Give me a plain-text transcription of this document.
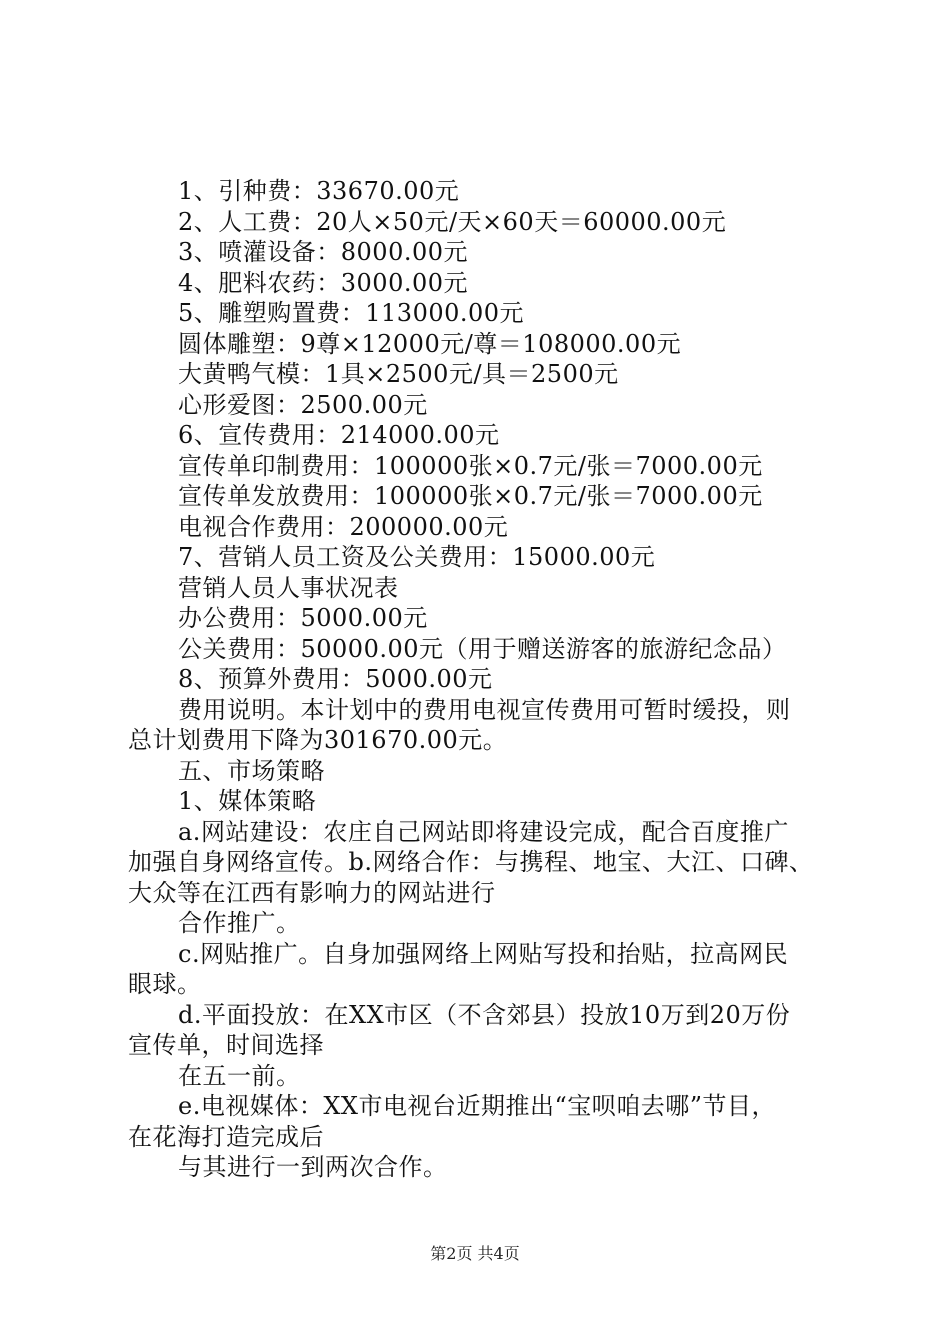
1、引种费：33670.00元
2、人工费：20人×50元/天×60天＝60000.00元
3、喷灌设备：8000.00元
4、肥料农药：3000.00元
5、雕塑购置费：113000.00元
圆体雕塑：9尊×12000元/尊＝108000.00元
大黄鸭气模：1具×2500元/具＝2500元
心形爱图：2500.00元
6、宣传费用：214000.00元
宣传单印制费用：100000张×0.7元/张＝7000.00元
宣传单发放费用：100000张×0.7元/张＝7000.00元
电视合作费用：200000.00元
7、营销人员工资及公关费用：15000.00元
营销人员人事状况表
办公费用：5000.00元
公关费用：50000.00元（用于赠送游客的旅游纪念品）
8、预算外费用：5000.00元
费用说明。本计划中的费用电视宣传费用可暂时缓投，则
总计划费用下降为301670.00元。
五、市场策略
1、媒体策略
a.网站建设：农庄自己网站即将建设完成，配合百度推广
加强自身网络宣传。b.网络合作：与携程、地宝、大江、口碑、
大众等在江西有影响力的网站进行
合作推广。
c.网贴推广。自身加强网络上网贴写投和抬贴，拉高网民
眼球。
d.平面投放：在XX市区（不含郊县）投放10万到20万份
宣传单，时间选择
在五一前。
e.电视媒体：XX市电视台近期推出“宝呗咱去哪”节目，
在花海打造完成后
与其进行一到两次合作。
第2页 共4页
